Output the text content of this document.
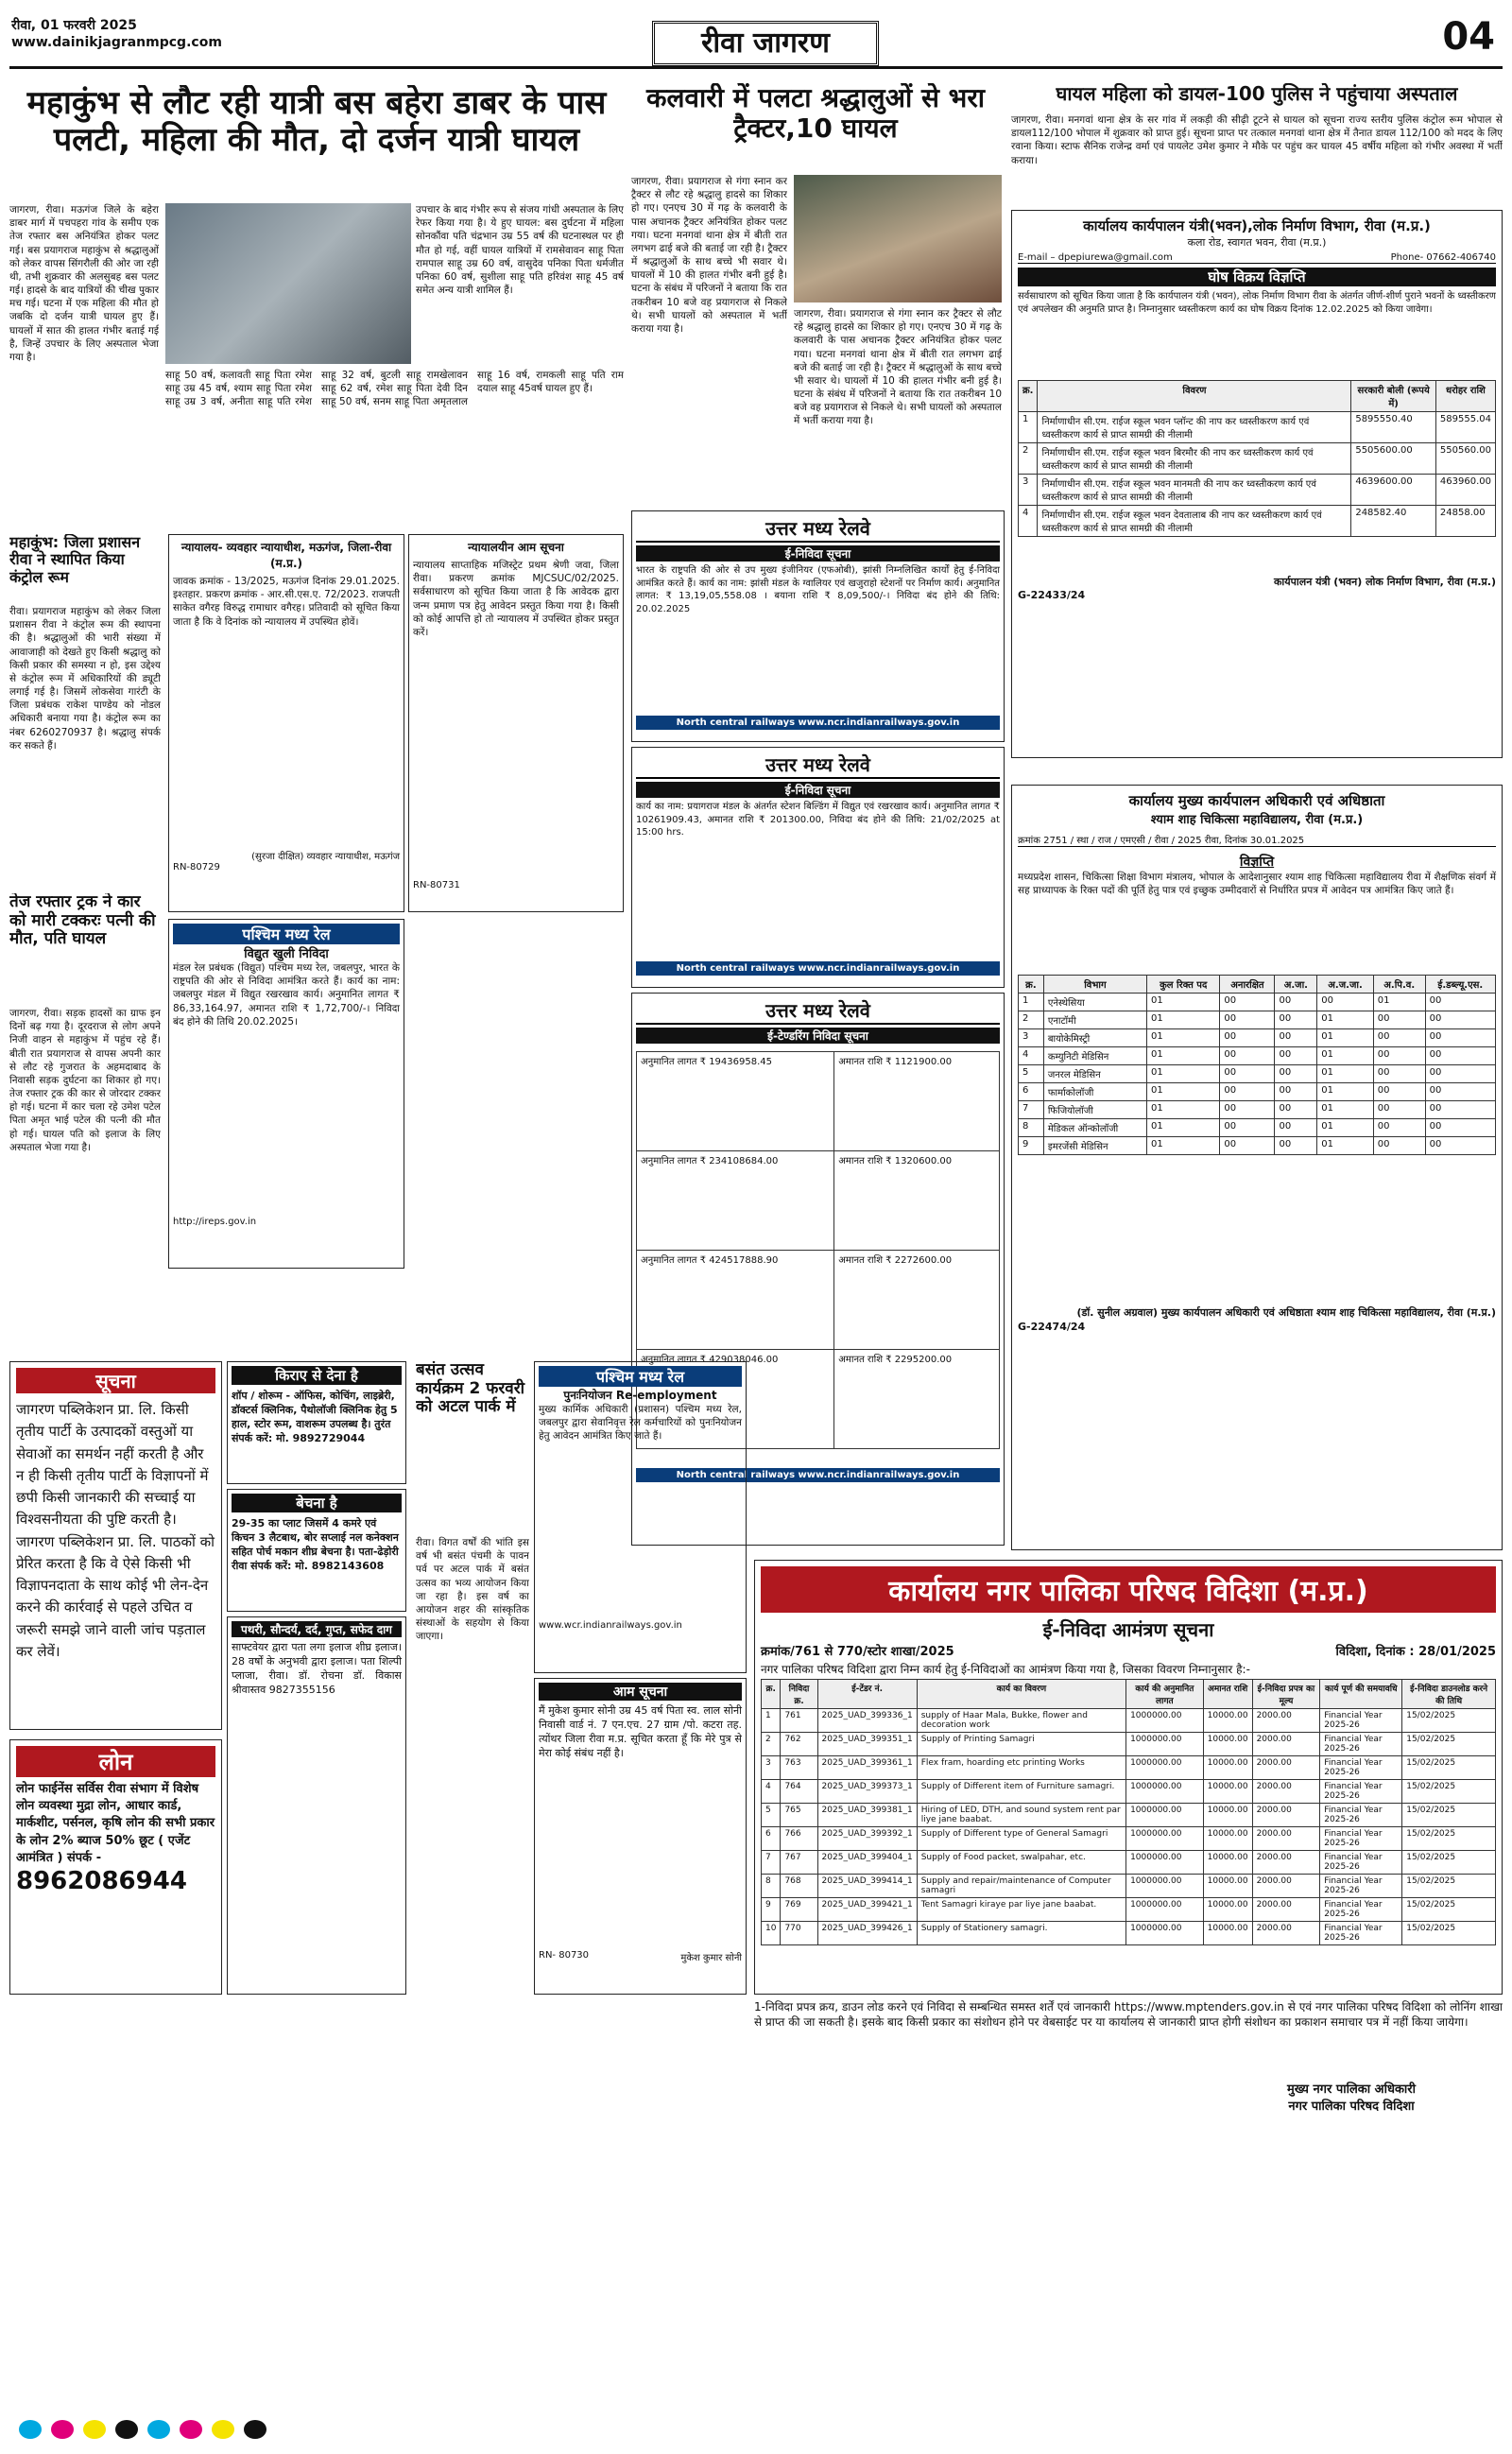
रीवा, 01 फरवरी 2025
www.dainikjagranmpcg.com	रीवा जागरण	04
महाकुंभ से लौट रही यात्री बस बहेरा डाबर के पास पलटी, महिला की मौत, दो दर्जन यात्री घायल
जागरण, रीवा। मऊगंज जिले के बहेरा डाबर मार्ग में पचपहरा गांव के समीप एक तेज रफ्तार बस अनियंत्रित होकर पलट गई। बस प्रयागराज महाकुंभ से श्रद्धालुओं को लेकर वापस सिंगरौली की ओर जा रही थी, तभी शुक्रवार की अलसुबह बस पलट गई। हादसे के बाद यात्रियों की चीख पुकार मच गई। घटना में एक महिला की मौत हो जबकि दो दर्जन यात्री घायल हुए हैं। घायलों में सात की हालत गंभीर बताई गई है, जिन्हें उपचार के लिए अस्पताल भेजा गया है।
उपचार के बाद गंभीर रूप से संजय गांधी अस्पताल के लिए रेफर किया गया है। ये हुए घायल: बस दुर्घटना में महिला सोनकौंवा पति चंद्रभान उम्र 55 वर्ष की घटनास्थल पर ही मौत हो गई, वहीं घायल यात्रियों में रामसेवावन साहू पिता रामपाल साहू उम्र 60 वर्ष, वासुदेव पनिका पिता धर्मजीत पनिका 60 वर्ष, सुशीला साहू पति हरिवंश साहू 45 वर्ष समेत अन्य यात्री शामिल हैं।
साहू 50 वर्ष, कलावती साहू पिता रमेश साहू उम्र 45 वर्ष, श्याम साहू पिता रमेश साहू उम्र 3 वर्ष, अनीता साहू पति रमेश साहू 32 वर्ष, बुटली साहू रामखेलावन साहू 62 वर्ष, रमेश साहू पिता देवी दिन साहू 50 वर्ष, सनम साहू पिता अमृतलाल साहू 16 वर्ष, रामकली साहू पति राम दयाल साहू 45वर्ष घायल हुए हैं।
कलवारी में पलटा श्रद्धालुओं से भरा ट्रैक्टर,10 घायल
जागरण, रीवा। प्रयागराज से गंगा स्नान कर ट्रैक्टर से लौट रहे श्रद्धालु हादसे का शिकार हो गए। एनएच 30 में गढ़ के कलवारी के पास अचानक ट्रैक्टर अनियंत्रित होकर पलट गया। घटना मनगवां थाना क्षेत्र में बीती रात लगभग ढाई बजे की बताई जा रही है। ट्रैक्टर में श्रद्धालुओं के साथ बच्चे भी सवार थे। घायलों में 10 की हालत गंभीर बनी हुई है। घटना के संबंध में परिजनों ने बताया कि रात तकरीबन 10 बजे वह प्रयागराज से निकले थे। सभी घायलों को अस्पताल में भर्ती कराया गया है।
जागरण, रीवा। प्रयागराज से गंगा स्नान कर ट्रैक्टर से लौट रहे श्रद्धालु हादसे का शिकार हो गए। एनएच 30 में गढ़ के कलवारी के पास अचानक ट्रैक्टर अनियंत्रित होकर पलट गया। घटना मनगवां थाना क्षेत्र में बीती रात लगभग ढाई बजे की बताई जा रही है। ट्रैक्टर में श्रद्धालुओं के साथ बच्चे भी सवार थे। घायलों में 10 की हालत गंभीर बनी हुई है। घटना के संबंध में परिजनों ने बताया कि रात तकरीबन 10 बजे वह प्रयागराज से निकले थे। सभी घायलों को अस्पताल में भर्ती कराया गया है।
घायल महिला को डायल-100 पुलिस ने पहुंचाया अस्पताल
जागरण, रीवा। मनगवां थाना क्षेत्र के सर गांव में लकड़ी की सीढ़ी टूटने से घायल को सूचना राज्य स्तरीय पुलिस कंट्रोल रूम भोपाल से डायल112/100 भोपाल में शुक्रवार को प्राप्त हुई। सूचना प्राप्त पर तत्काल मनगवां थाना क्षेत्र में तैनात डायल 112/100 को मदद के लिए रवाना किया। स्टाफ सैनिक राजेन्द्र वर्मा एवं पायलेट उमेश कुमार ने मौके पर पहुंच कर घायल 45 वर्षीय महिला को गंभीर अवस्था में भर्ती कराया।
कार्यालय कार्यपालन यंत्री(भवन),लोक निर्माण विभाग, रीवा (म.प्र.)
कला रोड, स्वागत भवन, रीवा (म.प्र.)
E-mail – dpepiurewa@gmail.com	Phone- 07662-406740
घोष विक्रय विज्ञप्ति
सर्वसाधारण को सूचित किया जाता है कि कार्यपालन यंत्री (भवन), लोक निर्माण विभाग रीवा के अंतर्गत जीर्ण-शीर्ण पुराने भवनों के ध्वस्तीकरण एवं अपलेखन की अनुमति प्राप्त है। निम्नानुसार ध्वस्तीकरण कार्य का घोष विक्रय दिनांक 12.02.2025 को किया जावेगा।
क्र.	विवरण	सरकारी बोली (रूपये में)	धरोहर राशि
1	निर्माणाधीन सी.एम. राईज स्कूल भवन प्लॉन्ट की नाप कर ध्वस्तीकरण कार्य एवं ध्वस्तीकरण कार्य से प्राप्त सामग्री की नीलामी	5895550.40	589555.04
2	निर्माणाधीन सी.एम. राईज स्कूल भवन बिरमौर की नाप कर ध्वस्तीकरण कार्य एवं ध्वस्तीकरण कार्य से प्राप्त सामग्री की नीलामी	5505600.00	550560.00
3	निर्माणाधीन सी.एम. राईज स्कूल भवन मानमती की नाप कर ध्वस्तीकरण कार्य एवं ध्वस्तीकरण कार्य से प्राप्त सामग्री की नीलामी	4639600.00	463960.00
4	निर्माणाधीन सी.एम. राईज स्कूल भवन देवतालाब की नाप कर ध्वस्तीकरण कार्य एवं ध्वस्तीकरण कार्य से प्राप्त सामग्री की नीलामी	248582.40	24858.00
कार्यपालन यंत्री (भवन) लोक निर्माण विभाग, रीवा (म.प्र.)
G-22433/24
उत्तर मध्य रेलवे
ई-निविदा सूचना
भारत के राष्ट्रपति की ओर से उप मुख्य इंजीनियर (एफओबी), झांसी निम्नलिखित कार्यों हेतु ई-निविदा आमंत्रित करते हैं। कार्य का नाम: झांसी मंडल के ग्वालियर एवं खजुराहो स्टेशनों पर निर्माण कार्य। अनुमानित लागत: ₹ 13,19,05,558.08 । बयाना राशि ₹ 8,09,500/-। निविदा बंद होने की तिथि: 20.02.2025
North central railways www.ncr.indianrailways.gov.in
उत्तर मध्य रेलवे
ई-निविदा सूचना
कार्य का नाम: प्रयागराज मंडल के अंतर्गत स्टेशन बिल्डिंग में विद्युत एवं रखरखाव कार्य। अनुमानित लागत ₹ 10261909.43, अमानत राशि ₹ 201300.00, निविदा बंद होने की तिथि: 21/02/2025 at 15:00 hrs.
North central railways www.ncr.indianrailways.gov.in
उत्तर मध्य रेलवे
ई-टेण्डरिंग निविदा सूचना
अनुमानित लागत ₹ 19436958.45	अमानत राशि ₹ 1121900.00
अनुमानित लागत ₹ 234108684.00	अमानत राशि ₹ 1320600.00
अनुमानित लागत ₹ 424517888.90	अमानत राशि ₹ 2272600.00
अनुमानित लागत ₹ 429038046.00	अमानत राशि ₹ 2295200.00
North central railways www.ncr.indianrailways.gov.in
कार्यालय मुख्य कार्यपालन अधिकारी एवं अधिष्ठाता
श्याम शाह चिकित्सा महाविद्यालय, रीवा (म.प्र.)
क्रमांक 2751 / स्था / राज / एमएसी / रीवा / 2025 रीवा, दिनांक 30.01.2025
विज्ञप्ति
मध्यप्रदेश शासन, चिकित्सा शिक्षा विभाग मंत्रालय, भोपाल के आदेशानुसार श्याम शाह चिकित्सा महाविद्यालय रीवा में शैक्षणिक संवर्ग में सह प्राध्यापक के रिक्त पदों की पूर्ति हेतु पात्र एवं इच्छुक उम्मीदवारों से निर्धारित प्रपत्र में आवेदन पत्र आमंत्रित किए जाते हैं।
क्र.	विभाग	कुल रिक्त पद	अनारक्षित	अ.जा.	अ.ज.जा.	अ.पि.व.	ई.डब्ल्यू.एस.
1	एनेस्थेसिया	01	00	00	00	01	00
2	एनाटॉमी	01	00	00	01	00	00
3	बायोकेमिस्ट्री	01	00	00	01	00	00
4	कम्युनिटी मेडिसिन	01	00	00	01	00	00
5	जनरल मेडिसिन	01	00	00	01	00	00
6	फार्माकोलॉजी	01	00	00	01	00	00
7	फिजियोलॉजी	01	00	00	01	00	00
8	मेडिकल ऑन्कोलॉजी	01	00	00	01	00	00
9	इमरजेंसी मेडिसिन	01	00	00	01	00	00
(डॉ. सुनील अग्रवाल) मुख्य कार्यपालन अधिकारी एवं अधिष्ठाता श्याम शाह चिकित्सा महाविद्यालय, रीवा (म.प्र.)
G-22474/24
महाकुंभ: जिला प्रशासन रीवा ने स्थापित किया कंट्रोल रूम
रीवा। प्रयागराज महाकुंभ को लेकर जिला प्रशासन रीवा ने कंट्रोल रूम की स्थापना की है। श्रद्धालुओं की भारी संख्या में आवाजाही को देखते हुए किसी श्रद्धालु को किसी प्रकार की समस्या न हो, इस उद्देश्य से कंट्रोल रूम में अधिकारियों की ड्यूटी लगाई गई है। जिसमें लोकसेवा गारंटी के जिला प्रबंधक राकेश पाण्डेय को नोडल अधिकारी बनाया गया है। कंट्रोल रूम का नंबर 6260270937 है। श्रद्धालु संपर्क कर सकते हैं।
तेज रफ्तार ट्रक ने कार को मारी टक्करः पत्नी की मौत, पति घायल
जागरण, रीवा। सड़क हादसों का ग्राफ इन दिनों बढ़ गया है। दूरदराज से लोग अपने निजी वाहन से महाकुंभ में पहुंच रहे हैं। बीती रात प्रयागराज से वापस अपनी कार से लौट रहे गुजरात के अहमदाबाद के निवासी सड़क दुर्घटना का शिकार हो गए। तेज रफ्तार ट्रक की कार से जोरदार टक्कर हो गई। घटना में कार चला रहे उमेश पटेल पिता अमृत भाई पटेल की पत्नी की मौत हो गई। घायल पति को इलाज के लिए अस्पताल भेजा गया है।
न्यायालय- व्यवहार न्यायाधीश, मऊगंज, जिला-रीवा (म.प्र.)
जावक क्रमांक - 13/2025, मऊगंज दिनांक 29.01.2025. इश्तहार. प्रकरण क्रमांक - आर.सी.एस.ए. 72/2023. राजपती साकेत वगैरह विरुद्ध रामाधार वगैरह। प्रतिवादी को सूचित किया जाता है कि वे दिनांक को न्यायालय में उपस्थित होवें।
(सुरजा दीक्षित) व्यवहार न्यायाधीश, मऊगंज
RN-80729
न्यायालयीन आम सूचना
न्यायालय साप्ताहिक मजिस्ट्रेट प्रथम श्रेणी जवा, जिला रीवा। प्रकरण क्रमांक MJCSUC/02/2025. सर्वसाधारण को सूचित किया जाता है कि आवेदक द्वारा जन्म प्रमाण पत्र हेतु आवेदन प्रस्तुत किया गया है। किसी को कोई आपत्ति हो तो न्यायालय में उपस्थित होकर प्रस्तुत करें।
RN-80731
पश्चिम मध्य रेल
विद्युत खुली निविदा
मंडल रेल प्रबंधक (विद्युत) पश्चिम मध्य रेल, जबलपुर, भारत के राष्ट्रपति की ओर से निविदा आमंत्रित करते हैं। कार्य का नाम: जबलपुर मंडल में विद्युत रखरखाव कार्य। अनुमानित लागत ₹ 86,33,164.97, अमानत राशि ₹ 1,72,700/-। निविदा बंद होने की तिथि 20.02.2025।
http://ireps.gov.in
सूचना
जागरण पब्लिकेशन प्रा. लि. किसी तृतीय पार्टी के उत्पादकों वस्तुओं या सेवाओं का समर्थन नहीं करती है और न ही किसी तृतीय पार्टी के विज्ञापनों में छपी किसी जानकारी की सच्चाई या विश्वसनीयता की पुष्टि करती है। जागरण पब्लिकेशन प्रा. लि. पाठकों को प्रेरित करता है कि वे ऐसे किसी भी विज्ञापनदाता के साथ कोई भी लेन-देन करने की कार्रवाई से पहले उचित व जरूरी समझे जाने वाली जांच पड़ताल कर लेवें।
लोन
लोन फाईनेंस सर्विस रीवा संभाग में विशेष लोन व्यवस्था मुद्रा लोन, आधार कार्ड, मार्कशीट, पर्सनल, कृषि लोन की सभी प्रकार के लोन 2% ब्याज 50% छूट ( एजेंट आमंत्रित ) संपर्क -
8962086944
किराए से देना है
शॉप / शोरूम - ऑफिस, कोचिंग, लाइब्रेरी, डॉक्टर्स क्लिनिक, पैथोलॉजी क्लिनिक हेतु 5 हाल, स्टोर रूम, वाशरूम उपलब्ध है। तुरंत संपर्क करें: मो. 9892729044
बेचना है
29-35 का प्लाट जिसमें 4 कमरे एवं किचन 3 लैटबाथ, बोर सप्लाई नल कनेक्शन सहित पोर्च मकान शीघ्र बेचना है। पता-ढेड़ोरी रीवा संपर्क करें: मो. 8982143608
पथरी, सौन्दर्य, दर्द, गुप्त, सफेद दाग
साफ्टवेयर द्वारा पता लगा इलाज शीघ्र इलाज। 28 वर्षों के अनुभवी द्वारा इलाज। पता शिल्पी प्लाजा, रीवा। डॉ. रोचना डॉ. विकास श्रीवास्तव 9827355156
बसंत उत्सव कार्यक्रम 2 फरवरी को अटल पार्क में
रीवा। विगत वर्षों की भांति इस वर्ष भी बसंत पंचमी के पावन पर्व पर अटल पार्क में बसंत उत्सव का भव्य आयोजन किया जा रहा है। इस वर्ष का आयोजन शहर की सांस्कृतिक संस्थाओं के सहयोग से किया जाएगा।
पश्चिम मध्य रेल
पुनःनियोजन Re-employment
मुख्य कार्मिक अधिकारी (प्रशासन) पश्चिम मध्य रेल, जबलपुर द्वारा सेवानिवृत्त रेल कर्मचारियों को पुनःनियोजन हेतु आवेदन आमंत्रित किए जाते हैं।
www.wcr.indianrailways.gov.in
आम सूचना
मैं मुकेश कुमार सोनी उम्र 45 वर्ष पिता स्व. लाल सोनी निवासी वार्ड नं. 7 एन.एच. 27 ग्राम /पो. कटरा तह. त्योंथर जिला रीवा म.प्र. सूचित करता हूँ कि मेरे पुत्र से मेरा कोई संबंध नहीं है।
RN- 80730	मुकेश कुमार सोनी
कार्यालय नगर पालिका परिषद विदिशा (म.प्र.)
ई-निविदा आमंत्रण सूचना
क्रमांक/761 से 770/स्टोर शाखा/2025	विदिशा, दिनांक : 28/01/2025
नगर पालिका परिषद विदिशा द्वारा निम्न कार्य हेतु ई-निविदाओं का आमंत्रण किया गया है, जिसका विवरण निम्नानुसार है:-
क्र.	निविदा क्र.	ई-टेंडर नं.	कार्य का विवरण	कार्य की अनुमानित लागत	अमानत राशि	ई-निविदा प्रपत्र का मूल्य	कार्य पूर्ण की समयावधि	ई-निविदा डाउनलोड करने की तिथि
1	761	2025_UAD_399336_1	supply of Haar Mala, Bukke, flower and decoration work	1000000.00	10000.00	2000.00	Financial Year 2025-26	15/02/2025
2	762	2025_UAD_399351_1	Supply of Printing Samagri	1000000.00	10000.00	2000.00	Financial Year 2025-26	15/02/2025
3	763	2025_UAD_399361_1	Flex fram, hoarding etc printing Works	1000000.00	10000.00	2000.00	Financial Year 2025-26	15/02/2025
4	764	2025_UAD_399373_1	Supply of Different item of Furniture samagri.	1000000.00	10000.00	2000.00	Financial Year 2025-26	15/02/2025
5	765	2025_UAD_399381_1	Hiring of LED, DTH, and sound system rent par liye jane baabat.	1000000.00	10000.00	2000.00	Financial Year 2025-26	15/02/2025
6	766	2025_UAD_399392_1	Supply of Different type of General Samagri	1000000.00	10000.00	2000.00	Financial Year 2025-26	15/02/2025
7	767	2025_UAD_399404_1	Supply of Food packet, swalpahar, etc.	1000000.00	10000.00	2000.00	Financial Year 2025-26	15/02/2025
8	768	2025_UAD_399414_1	Supply and repair/maintenance of Computer samagri	1000000.00	10000.00	2000.00	Financial Year 2025-26	15/02/2025
9	769	2025_UAD_399421_1	Tent Samagri kiraye par liye jane baabat.	1000000.00	10000.00	2000.00	Financial Year 2025-26	15/02/2025
10	770	2025_UAD_399426_1	Supply of Stationery samagri.	1000000.00	10000.00	2000.00	Financial Year 2025-26	15/02/2025
1-निविदा प्रपत्र क्रय, डाउन लोड करने एवं निविदा से सम्बन्धित समस्त शर्तें एवं जानकारी https://www.mptenders.gov.in से एवं नगर पालिका परिषद विदिशा को लोनिंग शाखा से प्राप्त की जा सकती है। इसके बाद किसी प्रकार का संशोधन होने पर वेबसाईट पर या कार्यालय से जानकारी प्राप्त होगी संशोधन का प्रकाशन समाचार पत्र में नहीं किया जायेगा।
मुख्य नगर पालिका अधिकारी
नगर पालिका परिषद विदिशा
